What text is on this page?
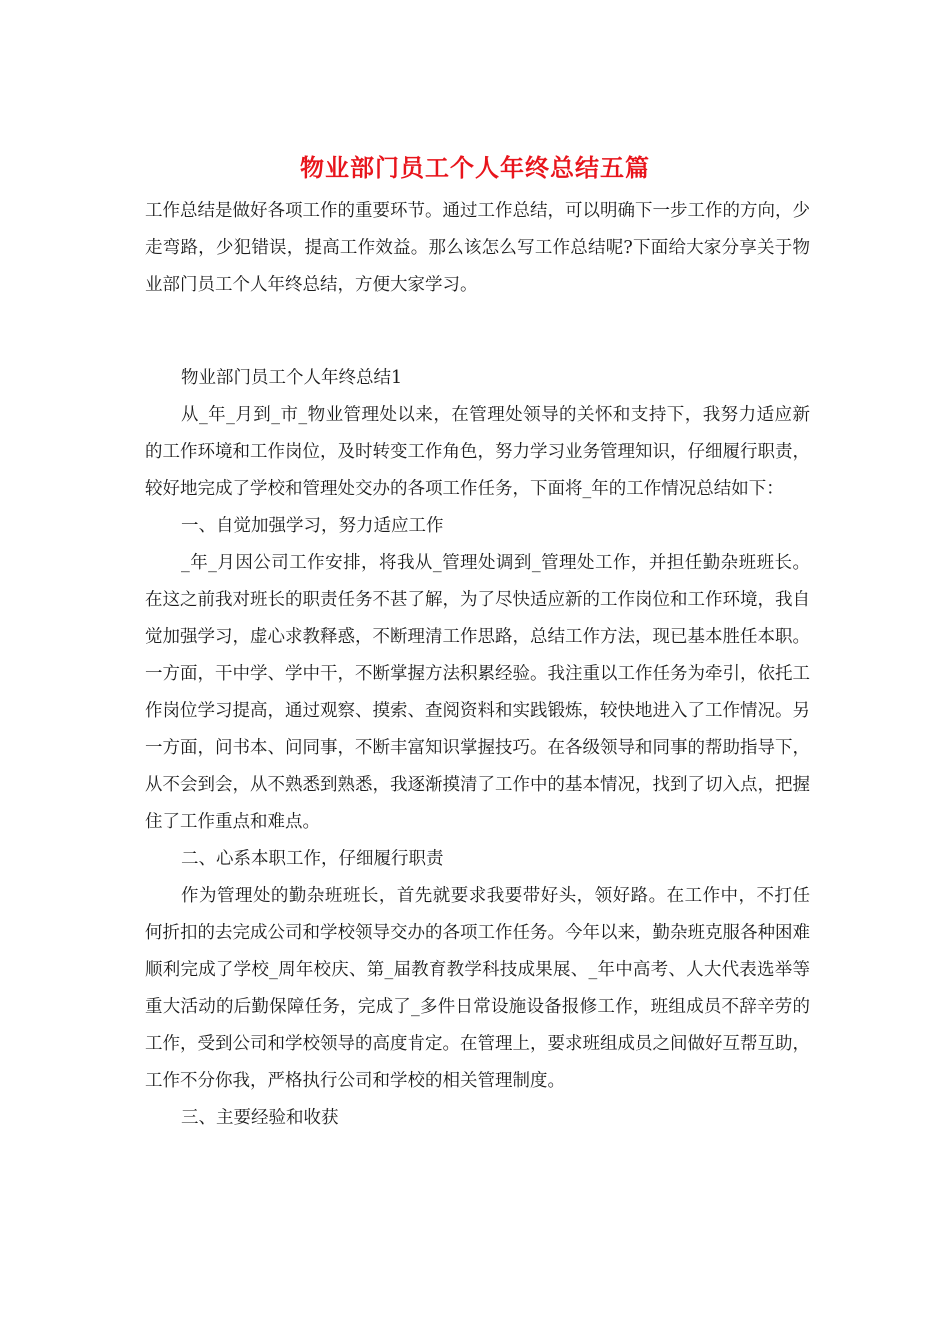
物业部门员工个人年终总结五篇

工作总结是做好各项工作的重要环节。通过工作总结，可以明确下一步工作的方向，少走弯路，少犯错误，提高工作效益。那么该怎么写工作总结呢?下面给大家分享关于物业部门员工个人年终总结，方便大家学习。

物业部门员工个人年终总结1

从_年_月到_市_物业管理处以来，在管理处领导的关怀和支持下，我努力适应新的工作环境和工作岗位，及时转变工作角色，努力学习业务管理知识，仔细履行职责，较好地完成了学校和管理处交办的各项工作任务，下面将_年的工作情况总结如下：

一、自觉加强学习，努力适应工作

_年_月因公司工作安排，将我从_管理处调到_管理处工作，并担任勤杂班班长。在这之前我对班长的职责任务不甚了解，为了尽快适应新的工作岗位和工作环境，我自觉加强学习，虚心求教释惑，不断理清工作思路，总结工作方法，现已基本胜任本职。一方面，干中学、学中干，不断掌握方法积累经验。我注重以工作任务为牵引，依托工作岗位学习提高，通过观察、摸索、查阅资料和实践锻炼，较快地进入了工作情况。另一方面，问书本、问同事，不断丰富知识掌握技巧。在各级领导和同事的帮助指导下，从不会到会，从不熟悉到熟悉，我逐渐摸清了工作中的基本情况，找到了切入点，把握住了工作重点和难点。

二、心系本职工作，仔细履行职责

作为管理处的勤杂班班长，首先就要求我要带好头，领好路。在工作中，不打任何折扣的去完成公司和学校领导交办的各项工作任务。今年以来，勤杂班克服各种困难顺利完成了学校_周年校庆、第_届教育教学科技成果展、_年中高考、人大代表选举等重大活动的后勤保障任务，完成了_多件日常设施设备报修工作，班组成员不辞辛劳的工作，受到公司和学校领导的高度肯定。在管理上，要求班组成员之间做好互帮互助，工作不分你我，严格执行公司和学校的相关管理制度。

三、主要经验和收获
